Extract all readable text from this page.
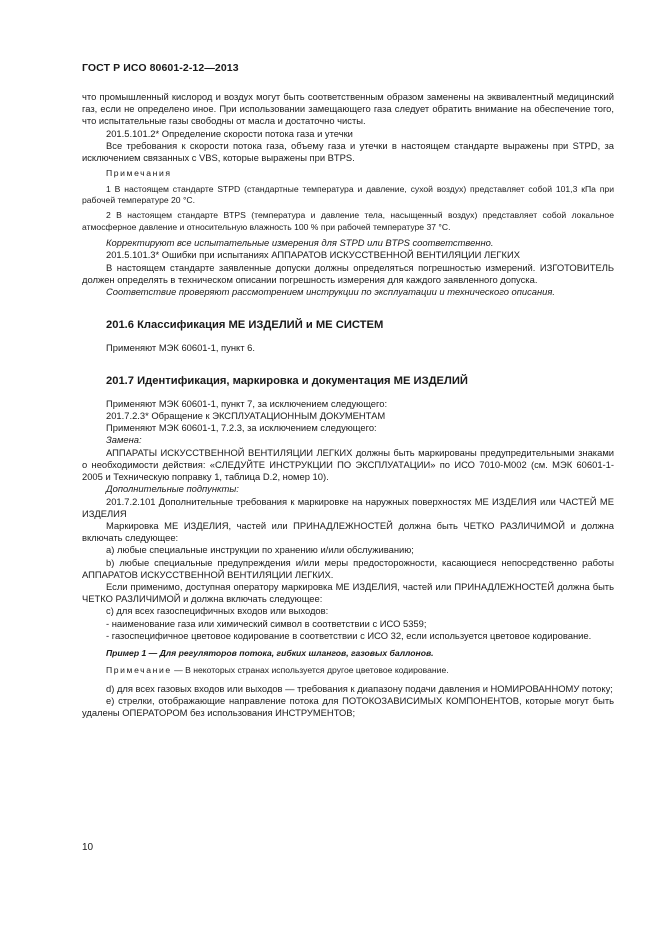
ГОСТ Р ИСО 80601-2-12—2013

что промышленный кислород и воздух могут быть соответственным образом заменены на эквивалентный медицинский газ, если не определено иное. При использовании замещающего газа следует обратить внимание на обеспечение того, что испытательные газы свободны от масла и достаточно чисты.

201.5.101.2* Определение скорости потока газа и утечки

Все требования к скорости потока газа, объему газа и утечки в настоящем стандарте выражены при STPD, за исключением связанных с VBS, которые выражены при BTPS.

Примечания

1 В настоящем стандарте STPD (стандартные температура и давление, сухой воздух) представляет собой 101,3 кПа при рабочей температуре 20 °С.

2 В настоящем стандарте BTPS (температура и давление тела, насыщенный воздух) представляет собой локальное атмосферное давление и относительную влажность 100 % при рабочей температуре 37 °С.

Корректируют все испытательные измерения для STPD или BTPS соответственно.

201.5.101.3* Ошибки при испытаниях АППАРАТОВ ИСКУССТВЕННОЙ ВЕНТИЛЯЦИИ ЛЕГКИХ

В настоящем стандарте заявленные допуски должны определяться погрешностью измерений. ИЗГОТОВИТЕЛЬ должен определять в техническом описании погрешность измерения для каждого заявленного допуска.

Соответствие проверяют рассмотрением инструкции по эксплуатации и технического описания.

201.6 Классификация МЕ ИЗДЕЛИЙ и МЕ СИСТЕМ

Применяют МЭК 60601-1, пункт 6.

201.7 Идентификация, маркировка и документация МЕ ИЗДЕЛИЙ

Применяют МЭК 60601-1, пункт 7, за исключением следующего:

201.7.2.3* Обращение к ЭКСПЛУАТАЦИОННЫМ ДОКУМЕНТАМ

Применяют МЭК 60601-1, 7.2.3, за исключением следующего:

Замена:

АППАРАТЫ ИСКУССТВЕННОЙ ВЕНТИЛЯЦИИ ЛЕГКИХ должны быть маркированы предупредительными знаками о необходимости действия: «СЛЕДУЙТЕ ИНСТРУКЦИИ ПО ЭКСПЛУАТАЦИИ» по ИСО 7010-М002 (см. МЭК 60601-1-2005 и Техническую поправку 1, таблица D.2, номер 10).

Дополнительные подпункты:

201.7.2.101 Дополнительные требования к маркировке на наружных поверхностях МЕ ИЗДЕЛИЯ или ЧАСТЕЙ МЕ ИЗДЕЛИЯ

Маркировка МЕ ИЗДЕЛИЯ, частей или ПРИНАДЛЕЖНОСТЕЙ должна быть ЧЕТКО РАЗЛИЧИМОЙ и должна включать следующее:

a) любые специальные инструкции по хранению и/или обслуживанию;

b) любые специальные предупреждения и/или меры предосторожности, касающиеся непосредственно работы АППАРАТОВ ИСКУССТВЕННОЙ ВЕНТИЛЯЦИИ ЛЕГКИХ.

Если применимо, доступная оператору маркировка МЕ ИЗДЕЛИЯ, частей или ПРИНАДЛЕЖНОСТЕЙ должна быть ЧЕТКО РАЗЛИЧИМОЙ и должна включать следующее:

c) для всех газоспецифичных входов или выходов:

- наименование газа или химический символ в соответствии с ИСО 5359;

- газоспецифичное цветовое кодирование в соответствии с ИСО 32, если используется цветовое кодирование.

Пример 1 — Для регуляторов потока, гибких шлангов, газовых баллонов.

Примечание — В некоторых странах используется другое цветовое кодирование.

d) для всех газовых входов или выходов — требования к диапазону подачи давления и НОМИРОВАННОМУ потоку;

e) стрелки, отображающие направление потока для ПОТОКОЗАВИСИМЫХ КОМПОНЕНТОВ, которые могут быть удалены ОПЕРАТОРОМ без использования ИНСТРУМЕНТОВ;

10
